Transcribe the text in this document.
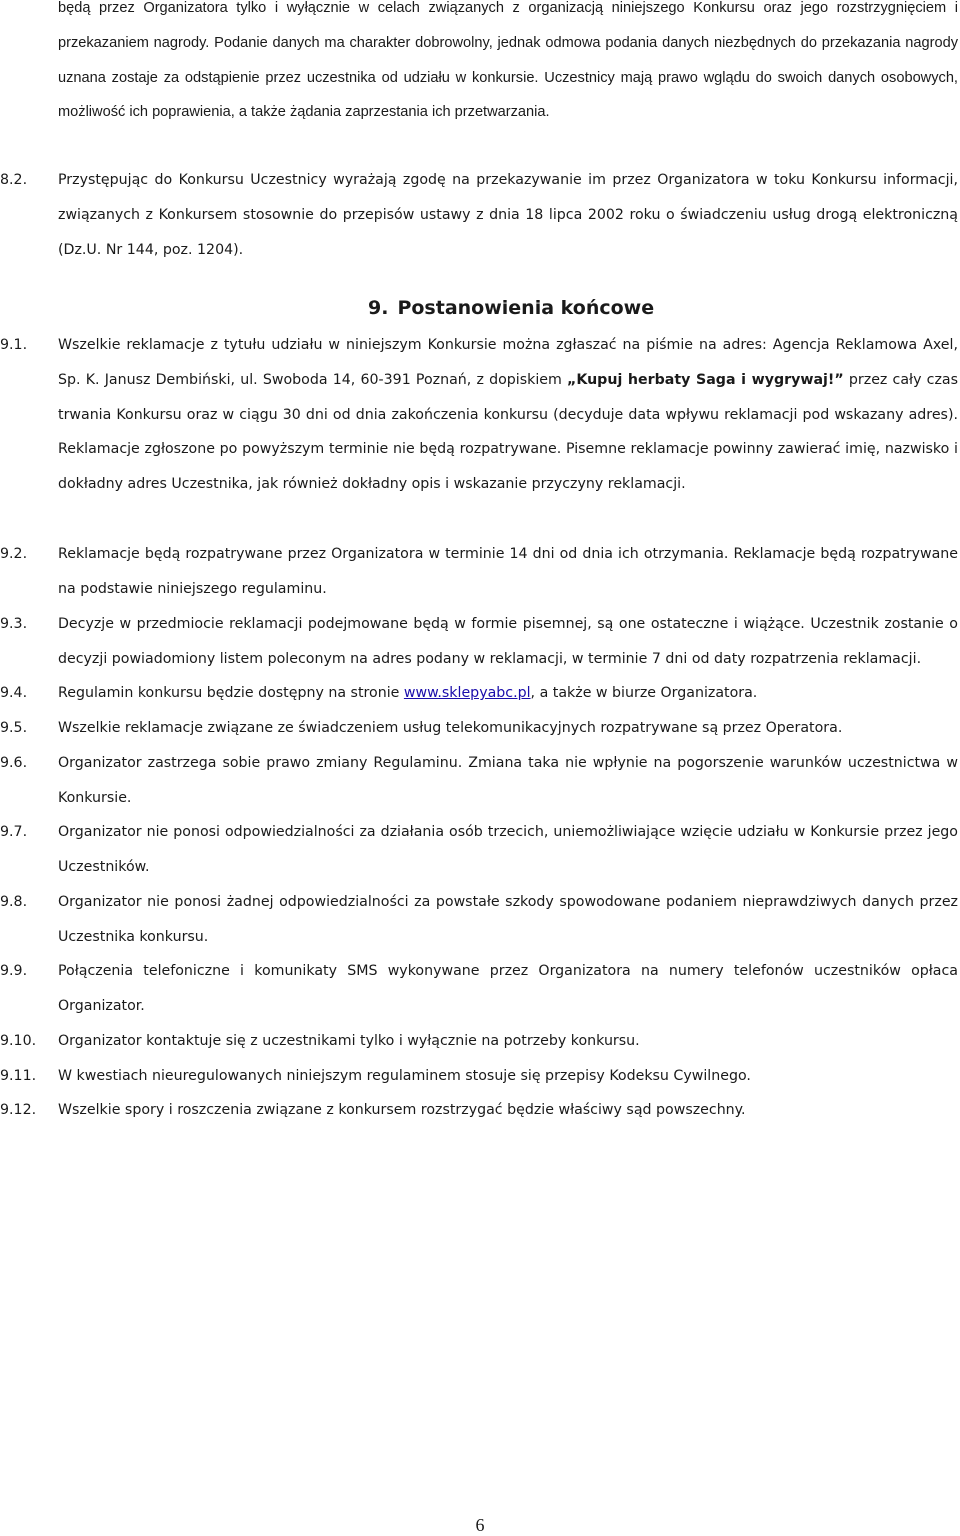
będą przez Organizatora tylko i wyłącznie w celach związanych z organizacją niniejszego Konkursu oraz jego rozstrzygnięciem i przekazaniem nagrody. Podanie danych ma charakter dobrowolny, jednak odmowa podania danych niezbędnych do przekazania nagrody uznana zostaje za odstąpienie przez uczestnika od udziału w konkursie. Uczestnicy mają prawo wglądu do swoich danych osobowych, możliwość ich poprawienia, a także żądania zaprzestania ich przetwarzania.
8.2.	Przystępując do Konkursu Uczestnicy wyrażają zgodę na przekazywanie im przez Organizatora w toku Konkursu informacji, związanych z Konkursem stosownie do przepisów ustawy z dnia 18 lipca 2002 roku o świadczeniu usług drogą elektroniczną (Dz.U. Nr 144, poz. 1204).
9. Postanowienia końcowe
9.1.	Wszelkie reklamacje z tytułu udziału w niniejszym Konkursie można zgłaszać na piśmie na adres: Agencja Reklamowa Axel, Sp. K. Janusz Dembiński, ul. Swoboda 14, 60-391 Poznań, z dopiskiem „Kupuj herbaty Saga i wygrywaj!” przez cały czas trwania Konkursu oraz w ciągu 30 dni od dnia zakończenia konkursu (decyduje data wpływu reklamacji pod wskazany adres). Reklamacje zgłoszone po powyższym terminie nie będą rozpatrywane. Pisemne reklamacje powinny zawierać imię, nazwisko i dokładny adres Uczestnika, jak również dokładny opis i wskazanie przyczyny reklamacji.
9.2.	Reklamacje będą rozpatrywane przez Organizatora w terminie 14 dni od dnia ich otrzymania. Reklamacje będą rozpatrywane na podstawie niniejszego regulaminu.
9.3.	Decyzje w przedmiocie reklamacji podejmowane będą w formie pisemnej, są one ostateczne i wiążące. Uczestnik zostanie o decyzji powiadomiony listem poleconym na adres podany w reklamacji, w terminie 7 dni od daty rozpatrzenia reklamacji.
9.4.	Regulamin konkursu będzie dostępny na stronie www.sklepyabc.pl, a także w biurze Organizatora.
9.5.	Wszelkie reklamacje związane ze świadczeniem usług telekomunikacyjnych rozpatrywane są przez Operatora.
9.6.	Organizator zastrzega sobie prawo zmiany Regulaminu. Zmiana taka nie wpłynie na pogorszenie warunków uczestnictwa w Konkursie.
9.7.	Organizator nie ponosi odpowiedzialności za działania osób trzecich, uniemożliwiające wzięcie udziału w Konkursie przez jego Uczestników.
9.8.	Organizator nie ponosi żadnej odpowiedzialności za powstałe szkody spowodowane podaniem nieprawdziwych danych przez Uczestnika konkursu.
9.9.	Połączenia telefoniczne i komunikaty SMS wykonywane przez Organizatora na numery telefonów uczestników opłaca Organizator.
9.10.	Organizator kontaktuje się z uczestnikami tylko i wyłącznie na potrzeby konkursu.
9.11.	W kwestiach nieuregulowanych niniejszym regulaminem stosuje się przepisy Kodeksu Cywilnego.
9.12.	Wszelkie spory i roszczenia związane z konkursem rozstrzygać będzie właściwy sąd powszechny.
6
